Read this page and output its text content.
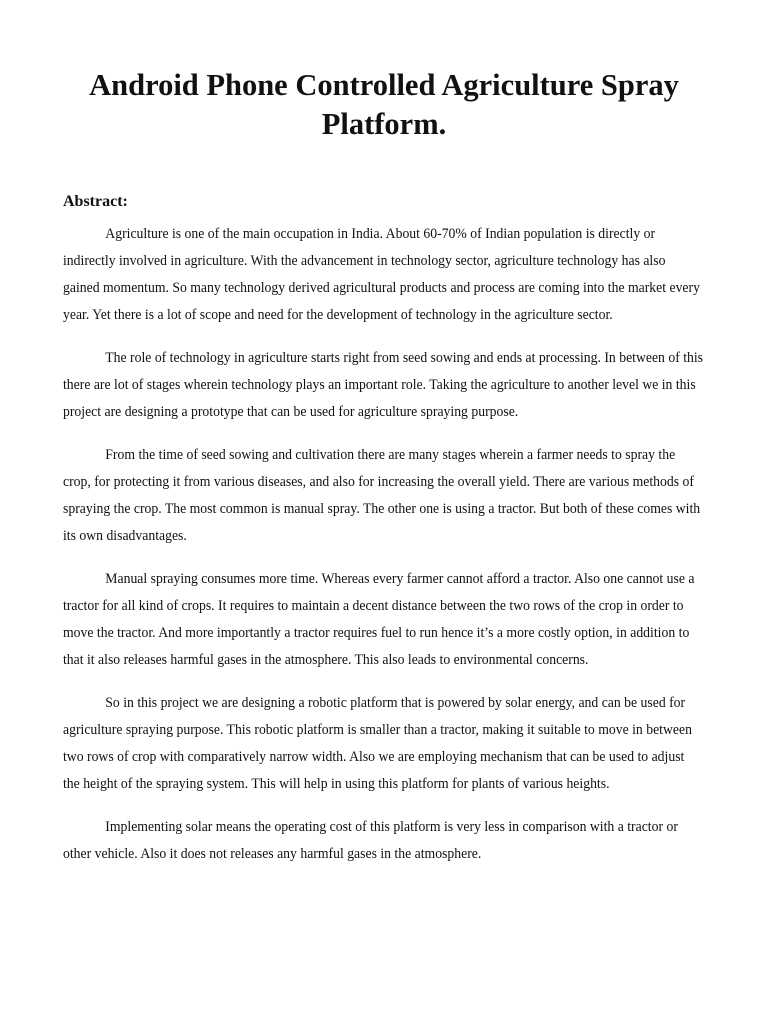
Android Phone Controlled Agriculture Spray Platform.
Abstract:

Agriculture is one of the main occupation in India. About 60-70% of Indian population is directly or indirectly involved in agriculture. With the advancement in technology sector, agriculture technology has also gained momentum. So many technology derived agricultural products and process are coming into the market every year. Yet there is a lot of scope and need for the development of technology in the agriculture sector.

The role of technology in agriculture starts right from seed sowing and ends at processing. In between of this there are lot of stages wherein technology plays an important role. Taking the agriculture to another level we in this project are designing a prototype that can be used for agriculture spraying purpose.

From the time of seed sowing and cultivation there are many stages wherein a farmer needs to spray the crop, for protecting it from various diseases, and also for increasing the overall yield. There are various methods of spraying the crop. The most common is manual spray. The other one is using a tractor. But both of these comes with its own disadvantages.

Manual spraying consumes more time. Whereas every farmer cannot afford a tractor. Also one cannot use a tractor for all kind of crops. It requires to maintain a decent distance between the two rows of the crop in order to move the tractor. And more importantly a tractor requires fuel to run hence it’s a more costly option, in addition to that it also releases harmful gases in the atmosphere. This also leads to environmental concerns.

So in this project we are designing a robotic platform that is powered by solar energy, and can be used for agriculture spraying purpose. This robotic platform is smaller than a tractor, making it suitable to move in between two rows of crop with comparatively narrow width. Also we are employing mechanism that can be used to adjust the height of the spraying system. This will help in using this platform for plants of various heights.

Implementing solar means the operating cost of this platform is very less in comparison with a tractor or other vehicle. Also it does not releases any harmful gases in the atmosphere.
